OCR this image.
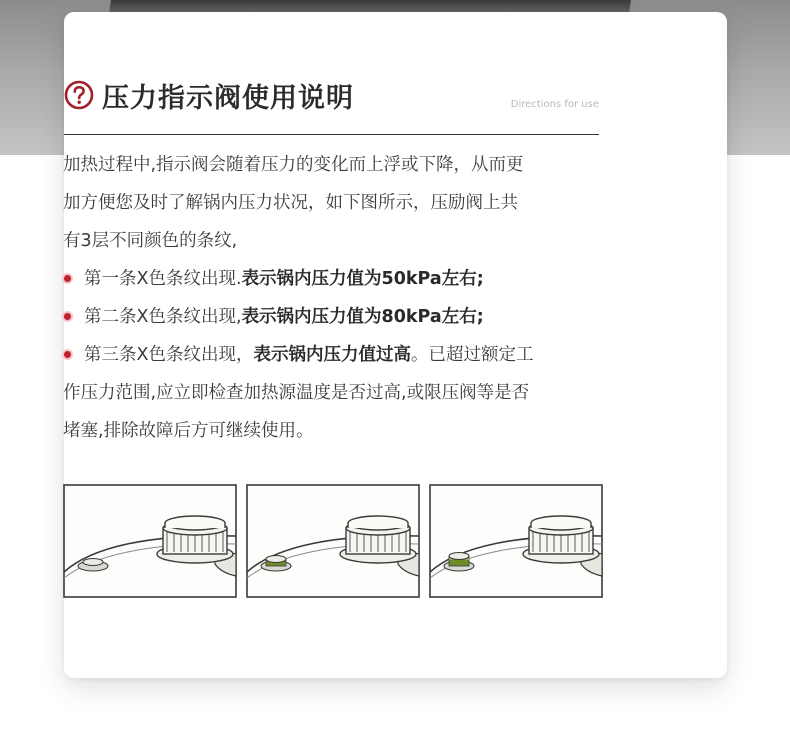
压力指示阀使用说明	Directions for use
加热过程中,指示阀会随着压力的变化而上浮或下降，从而更
加方便您及时了解锅内压力状况，如下图所示，压励阀上共
有3层不同颜色的条纹,
第一条X色条纹出现.表示锅内压力值为50kPa左右;
第二条X色条纹出现,表示锅内压力值为80kPa左右;
第三条X色条纹出现，表示锅内压力值过高。已超过额定工
作压力范围,应立即检查加热源温度是否过高,或限压阀等是否
堵塞,排除故障后方可继续使用。
